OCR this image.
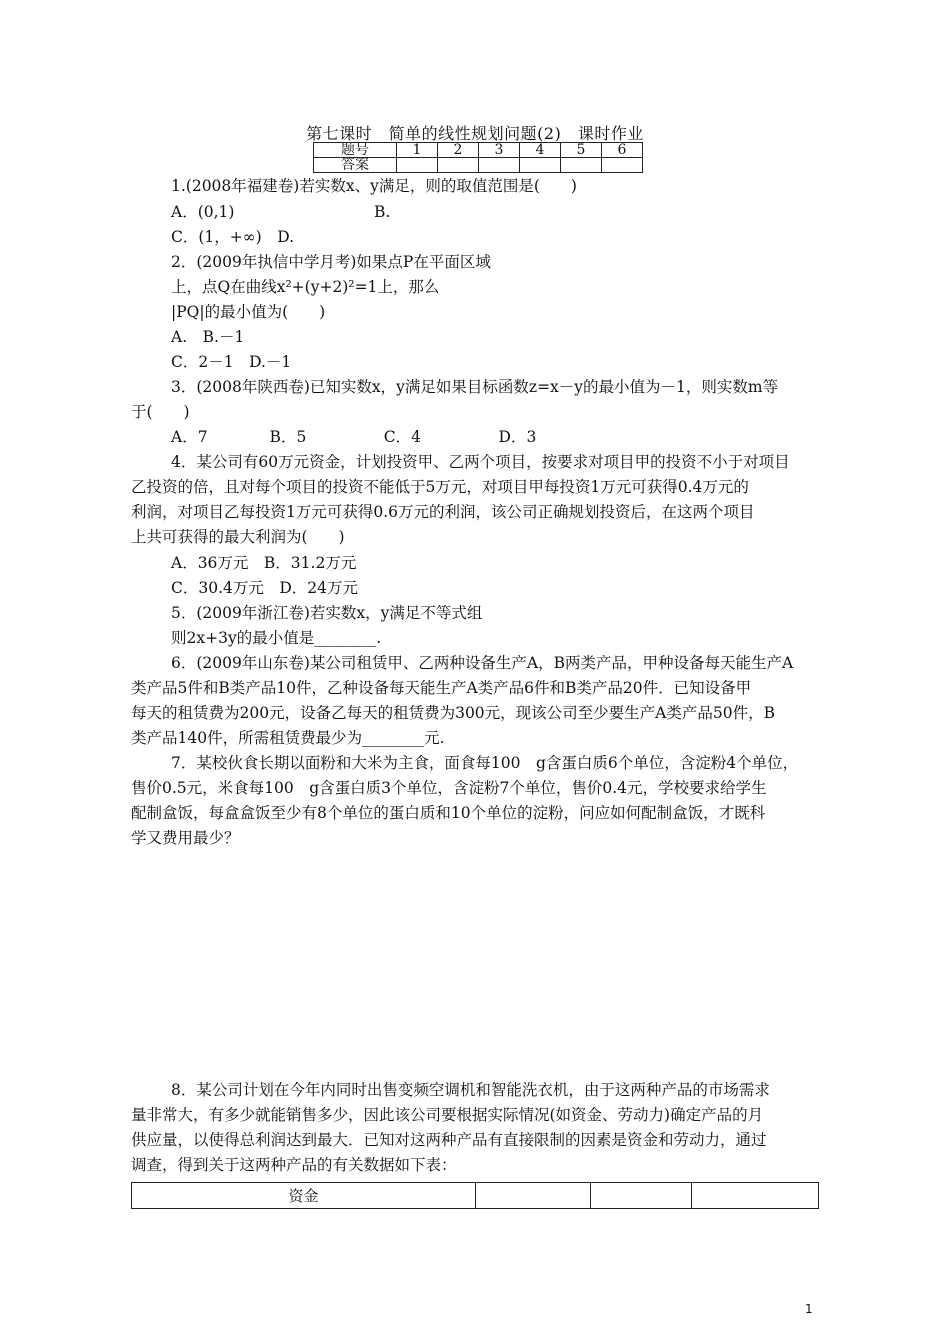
第七课时　简单的线性规划问题(2)　课时作业
题号	1	2	3	4	5	6
答案						
1.(2008年福建卷)若实数x、y满足，则的取值范围是(　　)
A．(0,1)　　　　　　　　　B.
C．(1，+∞)　D.
2．(2009年执信中学月考)如果点P在平面区域
上，点Q在曲线x²+(y+2)²=1上，那么
|PQ|的最小值为(　　)
A.　B.－1
C．2－1　D.－1
3．(2008年陕西卷)已知实数x，y满足如果目标函数z=x－y的最小值为－1，则实数m等
于(　　)
A．7　　　　B．5　　　　　C．4　　　　　D．3
4．某公司有60万元资金，计划投资甲、乙两个项目，按要求对项目甲的投资不小于对项目
乙投资的倍，且对每个项目的投资不能低于5万元，对项目甲每投资1万元可获得0.4万元的
利润，对项目乙每投资1万元可获得0.6万元的利润，该公司正确规划投资后，在这两个项目
上共可获得的最大利润为(　　)
A．36万元　B．31.2万元
C．30.4万元　D．24万元
5．(2009年浙江卷)若实数x，y满足不等式组
则2x+3y的最小值是________.
6．(2009年山东卷)某公司租赁甲、乙两种设备生产A，B两类产品，甲种设备每天能生产A
类产品5件和B类产品10件，乙种设备每天能生产A类产品6件和B类产品20件．已知设备甲
每天的租赁费为200元，设备乙每天的租赁费为300元，现该公司至少要生产A类产品50件，B
类产品140件，所需租赁费最少为________元.
7．某校伙食长期以面粉和大米为主食，面食每100　g含蛋白质6个单位，含淀粉4个单位，
售价0.5元，米食每100　g含蛋白质3个单位，含淀粉7个单位，售价0.4元，学校要求给学生
配制盒饭，每盒盒饭至少有8个单位的蛋白质和10个单位的淀粉，问应如何配制盒饭，才既科
学又费用最少？
8．某公司计划在今年内同时出售变频空调机和智能洗衣机，由于这两种产品的市场需求
量非常大，有多少就能销售多少，因此该公司要根据实际情况(如资金、劳动力)确定产品的月
供应量，以使得总利润达到最大．已知对这两种产品有直接限制的因素是资金和劳动力，通过
调查，得到关于这两种产品的有关数据如下表：
资金			
1
